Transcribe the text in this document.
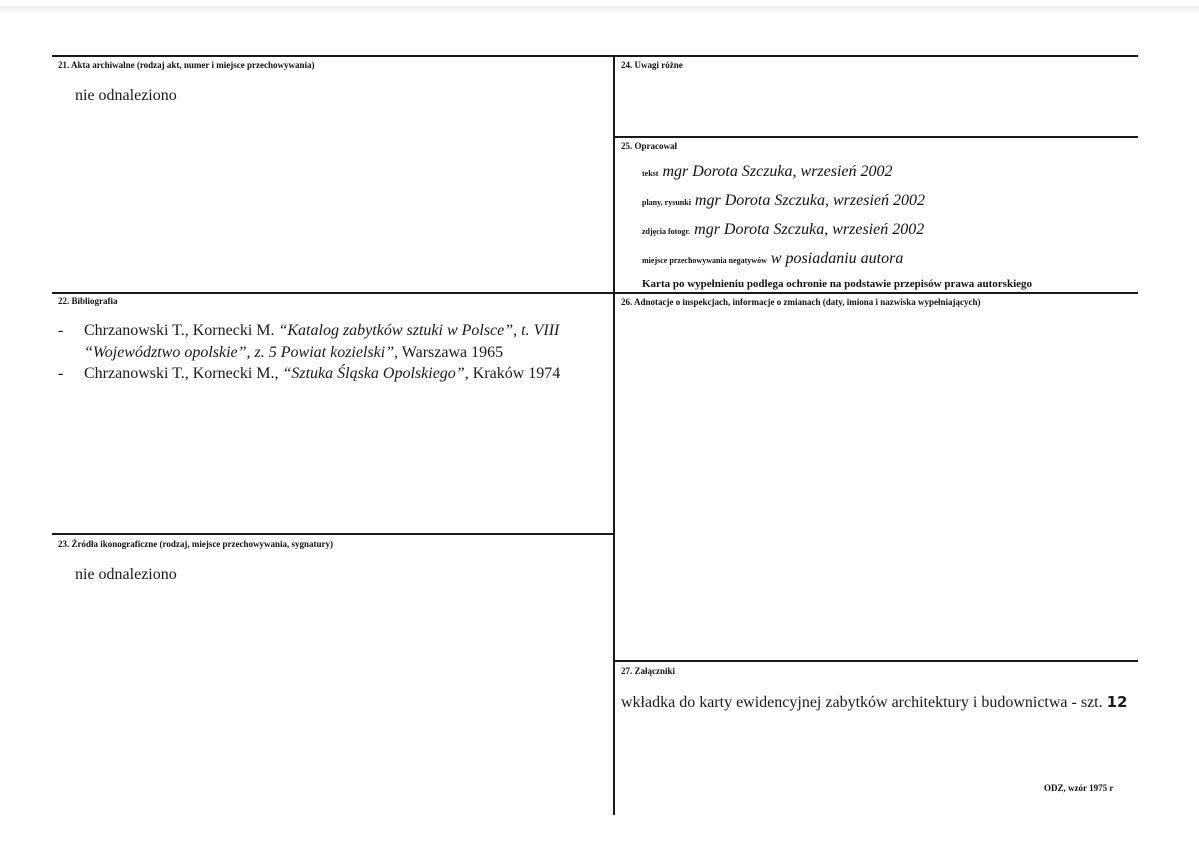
21. Akta archiwalne (rodzaj akt, numer i miejsce przechowywania)
nie odnaleziono
22. Bibliografia
- Chrzanowski T., Kornecki M. “Katalog zabytków sztuki w Polsce”, t. VIII
“Województwo opolskie”, z. 5 Powiat kozielski”, Warszawa 1965
- Chrzanowski T., Kornecki M., “Sztuka Śląska Opolskiego”, Kraków 1974
23. Źródła ikonograficzne (rodzaj, miejsce przechowywania, sygnatury)
nie odnaleziono
24. Uwagi różne
25. Opracował
tekst mgr Dorota Szczuka, wrzesień 2002
plany, rysunki mgr Dorota Szczuka, wrzesień 2002
zdjęcia fotogr. mgr Dorota Szczuka, wrzesień 2002
miejsce przechowywania negatywów w posiadaniu autora
Karta po wypełnieniu podlega ochronie na podstawie przepisów prawa autorskiego
26. Adnotacje o inspekcjach, informacje o zmianach (daty, imiona i nazwiska wypełniających)
27. Załączniki
wkładka do karty ewidencyjnej zabytków architektury i budownictwa - szt. 12
ODZ, wzór 1975 r
